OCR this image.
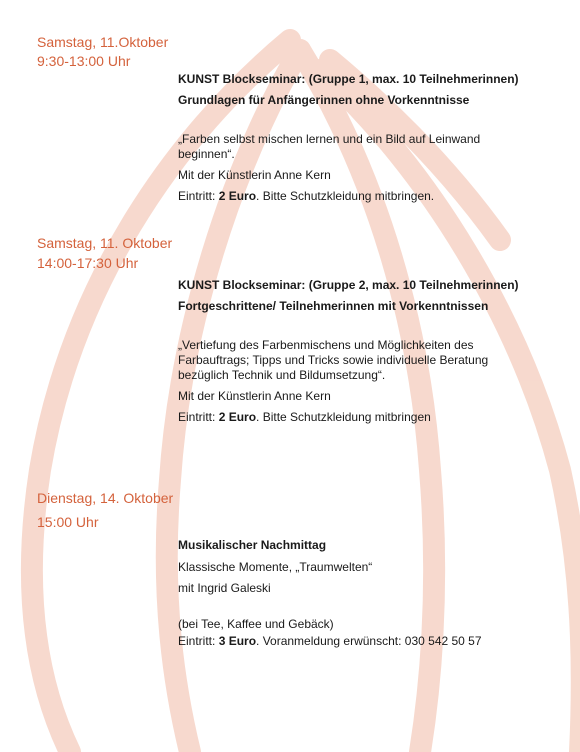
Samstag, 11.Oktober
9:30-13:00 Uhr
KUNST Blockseminar: (Gruppe 1, max. 10 Teilnehmerinnen)
Grundlagen für Anfängerinnen ohne Vorkenntnisse
„Farben selbst mischen lernen und ein Bild auf Leinwand beginnen“.
Mit der Künstlerin Anne Kern
Eintritt: 2 Euro. Bitte Schutzkleidung mitbringen.
Samstag, 11. Oktober
14:00-17:30 Uhr
KUNST Blockseminar: (Gruppe 2, max. 10 Teilnehmerinnen)
Fortgeschrittene/ Teilnehmerinnen mit Vorkenntnissen
„Vertiefung des Farbenmischens und Möglichkeiten des Farbauftrags; Tipps und Tricks sowie individuelle Beratung bezüglich Technik und Bildumsetzung“.
Mit der Künstlerin Anne Kern
Eintritt: 2 Euro. Bitte Schutzkleidung mitbringen
Dienstag, 14. Oktober
15:00 Uhr
Musikalischer Nachmittag
Klassische Momente, „Traumwelten“
mit Ingrid Galeski
(bei Tee, Kaffee und Gebäck)
Eintritt: 3 Euro. Voranmeldung erwünscht: 030 542 50 57
